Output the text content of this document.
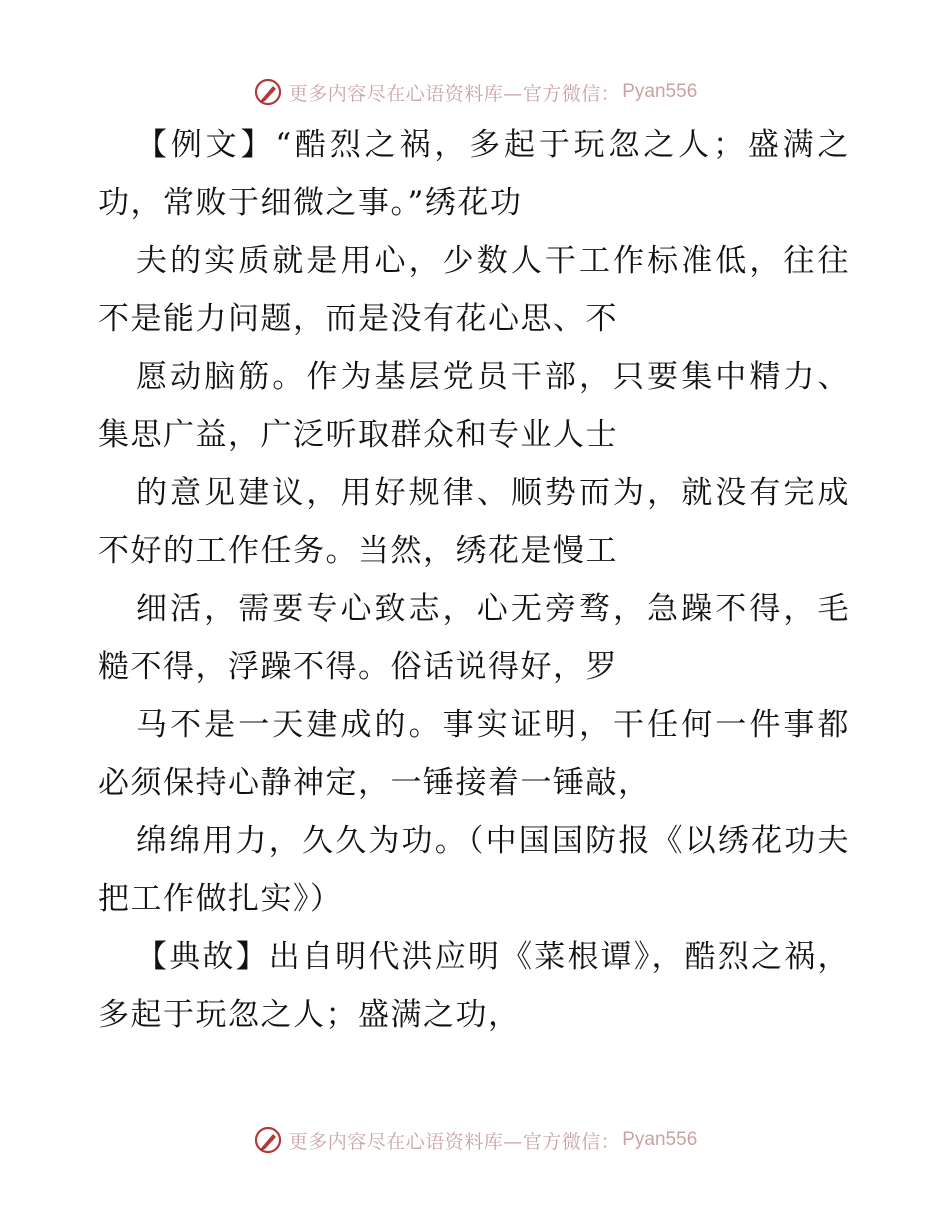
更多内容尽在心语资料库—官方微信： Pyan556

【例文】“酷烈之祸，多起于玩忽之人；盛满之功，常败于细微之事。”绣花功

夫的实质就是用心，少数人干工作标准低，往往不是能力问题，而是没有花心思、不

愿动脑筋。作为基层党员干部，只要集中精力、集思广益，广泛听取群众和专业人士

的意见建议，用好规律、顺势而为，就没有完成不好的工作任务。当然，绣花是慢工

细活，需要专心致志，心无旁骛，急躁不得，毛糙不得，浮躁不得。俗话说得好，罗

马不是一天建成的。事实证明，干任何一件事都必须保持心静神定，一锤接着一锤敲，

绵绵用力，久久为功。（中国国防报《以绣花功夫把工作做扎实》）

【典故】出自明代洪应明《菜根谭》，酷烈之祸，多起于玩忽之人；盛满之功，

更多内容尽在心语资料库—官方微信： Pyan556
